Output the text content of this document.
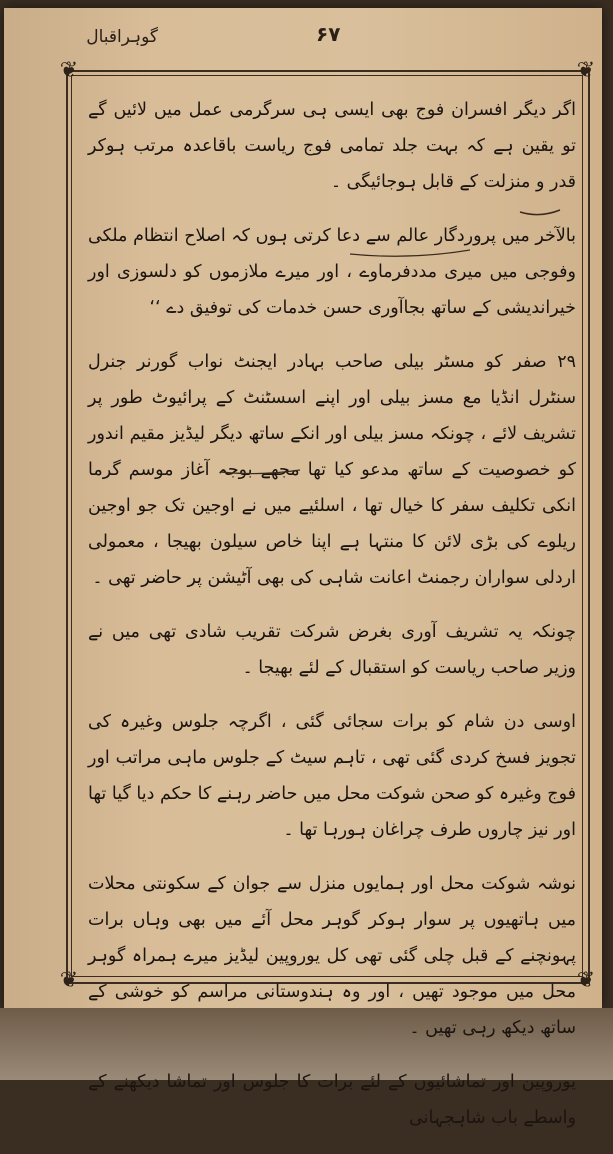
گوہراقبال	۶۷
❦	❦
❦	❦

اگر دیگر افسران فوج بھی ایسی ہی سرگرمی عمل میں لائیں گے تو یقین ہے کہ بہت جلد تمامی فوج ریاست باقاعدہ مرتب ہوکر قدر و منزلت کے قابل ہوجائیگی ۔

بالآخر میں پروردگار عالم سے دعا کرتی ہوں کہ اصلاح انتظام ملکی وفوجی میں میری مددفرماوے ، اور میرے ملازموں کو دلسوزی اور خیراندیشی کے ساتھ بجاآوری حسن خدمات کی توفیق دے ‘‘

۲۹ صفر کو مسٹر بیلی صاحب بہادر ایجنٹ نواب گورنر جنرل سنٹرل انڈیا مع مسز بیلی اور اپنے اسسٹنٹ کے پرائیوٹ طور پر تشریف لائے ، چونکہ مسز بیلی اور انکے ساتھ دیگر لیڈیز مقیم اندور کو خصوصیت کے ساتھ مدعو کیا تھا مجھے بوجہ آغاز موسم گرما انکی تکلیف سفر کا خیال تھا ، اسلئیے میں نے اوجین تک جو اوجین ریلوے کی بڑی لائن کا منتہا ہے اپنا خاص سیلون بھیجا ، معمولی اردلی سواران رجمنٹ اعانت شاہی کی بھی آٹیشن پر حاضر تھی ۔

چونکہ یہ تشریف آوری بغرض شرکت تقریب شادی تھی میں نے وزیر صاحب ریاست کو استقبال کے لئے بھیجا ۔

اوسی دن شام کو برات سجائی گئی ، اگرچہ جلوس وغیرہ کی تجویز فسخ کردی گئی تھی ، تاہم سیٹ کے جلوس ماہی مراتب اور فوج وغیرہ کو صحن شوکت محل میں حاضر رہنے کا حکم دیا گیا تھا اور نیز چاروں طرف چراغان ہورہا تھا ۔

نوشہ شوکت محل اور ہمایوں منزل سے جوان کے سکونتی محلات میں ہاتھیوں پر سوار ہوکر گوہر محل آئے میں بھی وہاں برات پہونچنے کے قبل چلی گئی تھی کل یوروپین لیڈیز میرے ہمراہ گوہر محل میں موجود تھیں ، اور وہ ہندوستانی مراسم کو خوشی کے ساتھ دیکھ رہی تھیں ۔

یوروپین اور تماشائیوں کے لئے برات کا جلوس اور تماشا دیکھنے کے واسطے باب شاہجہانی
